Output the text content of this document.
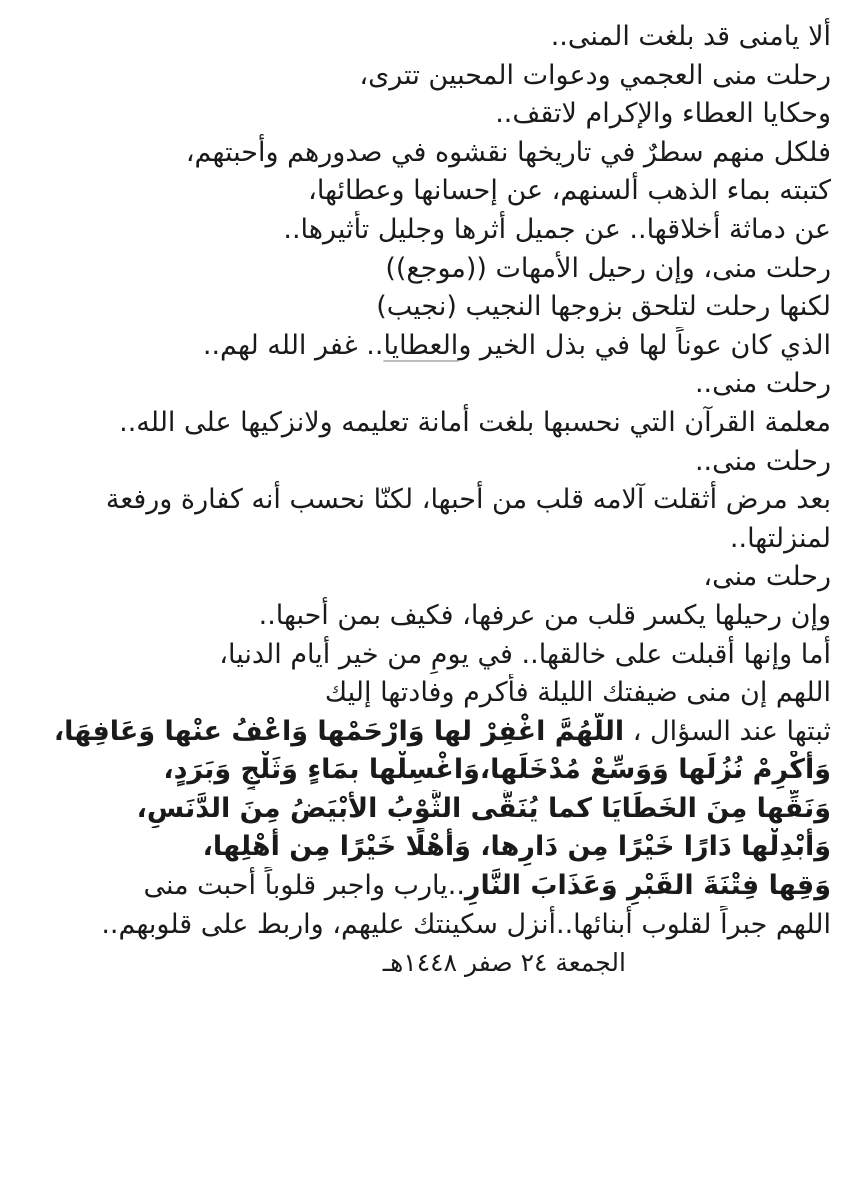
ألا يامنى قد بلغت المنى..
رحلت منى العجمي ودعوات المحبين تترى،
وحكايا العطاء والإكرام لاتقف..
فلكل منهم سطرٌ في تاريخها نقشوه في صدورهم وأحبتهم،
كتبته بماء الذهب ألسنهم، عن إحسانها وعطائها،
عن دماثة أخلاقها.. عن جميل أثرها وجليل تأثيرها..
رحلت منى، وإن رحيل الأمهات ((موجع))
لكنها رحلت لتلحق بزوجها النجيب (نجيب)
الذي كان عوناً لها في بذل الخير والعطايا.. غفر الله لهم..
رحلت منى..
معلمة القرآن التي نحسبها بلغت أمانة تعليمه ولانزكيها على الله..
رحلت منى..
بعد مرض أثقلت آلامه قلب من أحبها، لكنّا نحسب أنه كفارة ورفعة
لمنزلتها..
رحلت منى،
وإن رحيلها يكسر قلب من عرفها، فكيف بمن أحبها..
أما وإنها أقبلت على خالقها.. في يومٍ من خير أيام الدنيا،
اللهم إن منى ضيفتك الليلة فأكرم وفادتها إليك
ثبتها عند السؤال ، اللَّهُمَّ اغْفِرْ لها وَارْحَمْها وَاعْفُ عنْها وَعَافِهَا،
وَأَكْرِمْ نُزُلَها وَوَسِّعْ مُدْخَلَها،وَاغْسِلْها بمَاءٍ وَثَلْجٍ وَبَرَدٍ،
وَنَقِّها مِنَ الخَطَايَا كما يُنَقَّى الثَّوْبُ الأبْيَضُ مِنَ الدَّنَسِ،
وَأَبْدِلْها دَارًا خَيْرًا مِن دَارِها، وَأَهْلًا خَيْرًا مِن أَهْلِها،
وَقِها فِتْنَةَ القَبْرِ وَعَذَابَ النَّارِ..يارب واجبر قلوباً أحبت منى
اللهم جبراً لقلوب أبنائها..أنزل سكينتك عليهم، واربط على قلوبهم..
الجمعة ٢٤ صفر ١٤٤٨هـ
